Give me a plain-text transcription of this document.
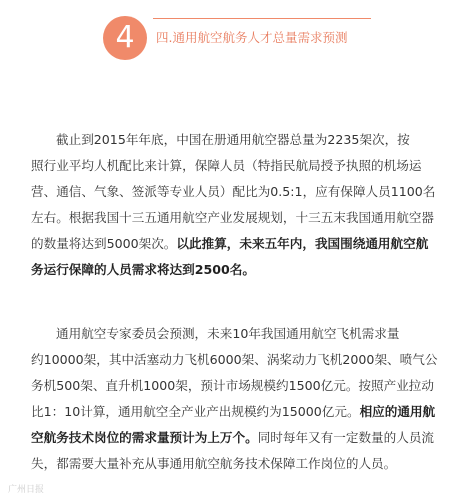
4	四.通用航空航务人才总量需求预测
截止到2015年年底，中国在册通用航空器总量为2235架次，按
照行业平均人机配比来计算，保障人员（特指民航局授予执照的机场运
营、通信、气象、签派等专业人员）配比为0.5:1，应有保障人员1100名
左右。根据我国十三五通用航空产业发展规划，十三五末我国通用航空器
的数量将达到5000架次。以此推算，未来五年内，我国围绕通用航空航
务运行保障的人员需求将达到2500名。
通用航空专家委员会预测，未来10年我国通用航空飞机需求量
约10000架，其中活塞动力飞机6000架、涡桨动力飞机2000架、喷气公
务机500架、直升机1000架，预计市场规模约1500亿元。按照产业拉动
比1：10计算，通用航空全产业产出规模约为15000亿元。相应的通用航
空航务技术岗位的需求量预计为上万个。同时每年又有一定数量的人员流
失，都需要大量补充从事通用航空航务技术保障工作岗位的人员。
广州日报
